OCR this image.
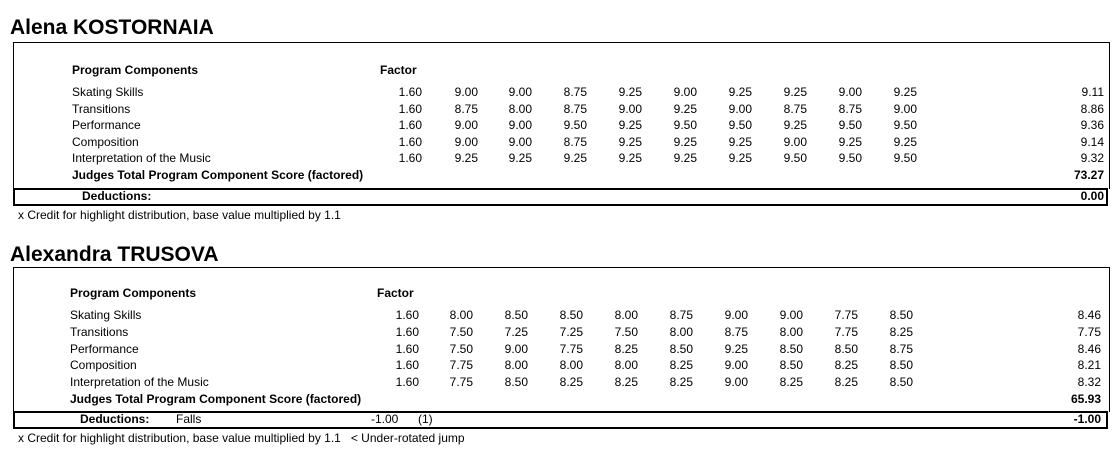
Alena KOSTORNAIA
Program Components	Factor
Skating Skills	1.60	9.00	9.00	8.75	9.25	9.00	9.25	9.25	9.00	9.25	9.11
Transitions	1.60	8.75	8.00	8.75	9.00	9.25	9.00	8.75	8.75	9.00	8.86
Performance	1.60	9.00	9.00	9.50	9.25	9.50	9.50	9.25	9.50	9.50	9.36
Composition	1.60	9.00	9.00	8.75	9.25	9.25	9.25	9.00	9.25	9.25	9.14
Interpretation of the Music	1.60	9.25	9.25	9.25	9.25	9.25	9.25	9.50	9.50	9.50	9.32
Judges Total Program Component Score (factored)	73.27
Deductions:	0.00
x Credit for highlight distribution, base value multiplied by 1.1
Alexandra TRUSOVA
Program Components	Factor
Skating Skills	1.60	8.00	8.50	8.50	8.00	8.75	9.00	9.00	7.75	8.50	8.46
Transitions	1.60	7.50	7.25	7.25	7.50	8.00	8.75	8.00	7.75	8.25	7.75
Performance	1.60	7.50	9.00	7.75	8.25	8.50	9.25	8.50	8.50	8.75	8.46
Composition	1.60	7.75	8.00	8.00	8.00	8.25	9.00	8.50	8.25	8.50	8.21
Interpretation of the Music	1.60	7.75	8.50	8.25	8.25	8.25	9.00	8.25	8.25	8.50	8.32
Judges Total Program Component Score (factored)	65.93
Deductions: Falls	-1.00 (1)	-1.00
x Credit for highlight distribution, base value multiplied by 1.1   < Under-rotated jump
